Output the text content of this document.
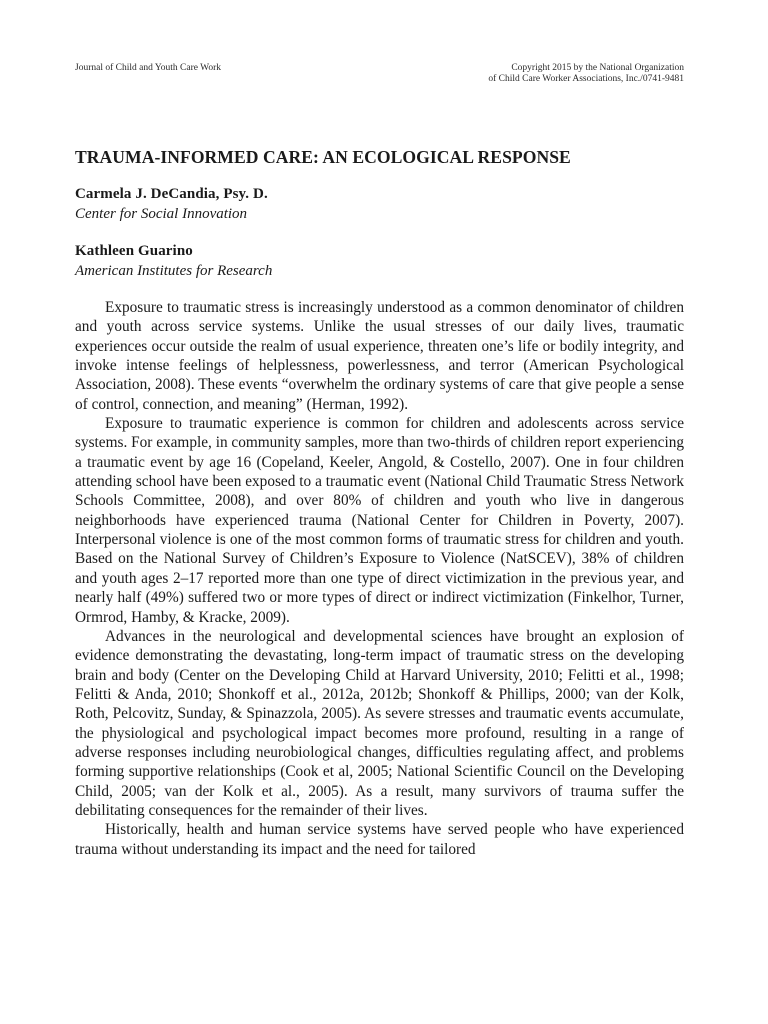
Journal of Child and Youth Care Work	Copyright 2015 by the National Organization
of Child Care Worker Associations, Inc./0741-9481
TRAUMA-INFORMED CARE: AN ECOLOGICAL RESPONSE
Carmela J. DeCandia, Psy. D.
Center for Social Innovation
Kathleen Guarino
American Institutes for Research

Exposure to traumatic stress is increasingly understood as a common denominator of children and youth across service systems. Unlike the usual stresses of our daily lives, traumatic experiences occur outside the realm of usual experience, threaten one’s life or bodily integrity, and invoke intense feelings of helplessness, powerlessness, and terror (American Psychological Association, 2008). These events “overwhelm the ordinary systems of care that give people a sense of control, connection, and meaning” (Herman, 1992).

Exposure to traumatic experience is common for children and adolescents across service systems. For example, in community samples, more than two-thirds of children report experiencing a traumatic event by age 16 (Copeland, Keeler, Angold, & Costello, 2007). One in four children attending school have been exposed to a traumatic event (National Child Traumatic Stress Network Schools Committee, 2008), and over 80% of children and youth who live in dangerous neighborhoods have experienced trauma (National Center for Children in Poverty, 2007). Interpersonal violence is one of the most common forms of traumatic stress for children and youth. Based on the National Survey of Children’s Exposure to Violence (NatSCEV), 38% of children and youth ages 2–17 reported more than one type of direct victimization in the previous year, and nearly half (49%) suffered two or more types of direct or indirect victimization (Finkelhor, Turner, Ormrod, Hamby, & Kracke, 2009).

Advances in the neurological and developmental sciences have brought an explosion of evidence demonstrating the devastating, long-term impact of traumatic stress on the developing brain and body (Center on the Developing Child at Harvard University, 2010; Felitti et al., 1998; Felitti & Anda, 2010; Shonkoff et al., 2012a, 2012b; Shonkoff & Phillips, 2000; van der Kolk, Roth, Pelcovitz, Sunday, & Spinazzola, 2005). As severe stresses and traumatic events accumulate, the physiological and psychological impact becomes more profound, resulting in a range of adverse responses including neurobiological changes, difficulties regulating affect, and problems forming supportive relationships (Cook et al, 2005; National Scientific Council on the Developing Child, 2005; van der Kolk et al., 2005). As a result, many survivors of trauma suffer the debilitating consequences for the remainder of their lives.

Historically, health and human service systems have served people who have experienced trauma without understanding its impact and the need for tailored
